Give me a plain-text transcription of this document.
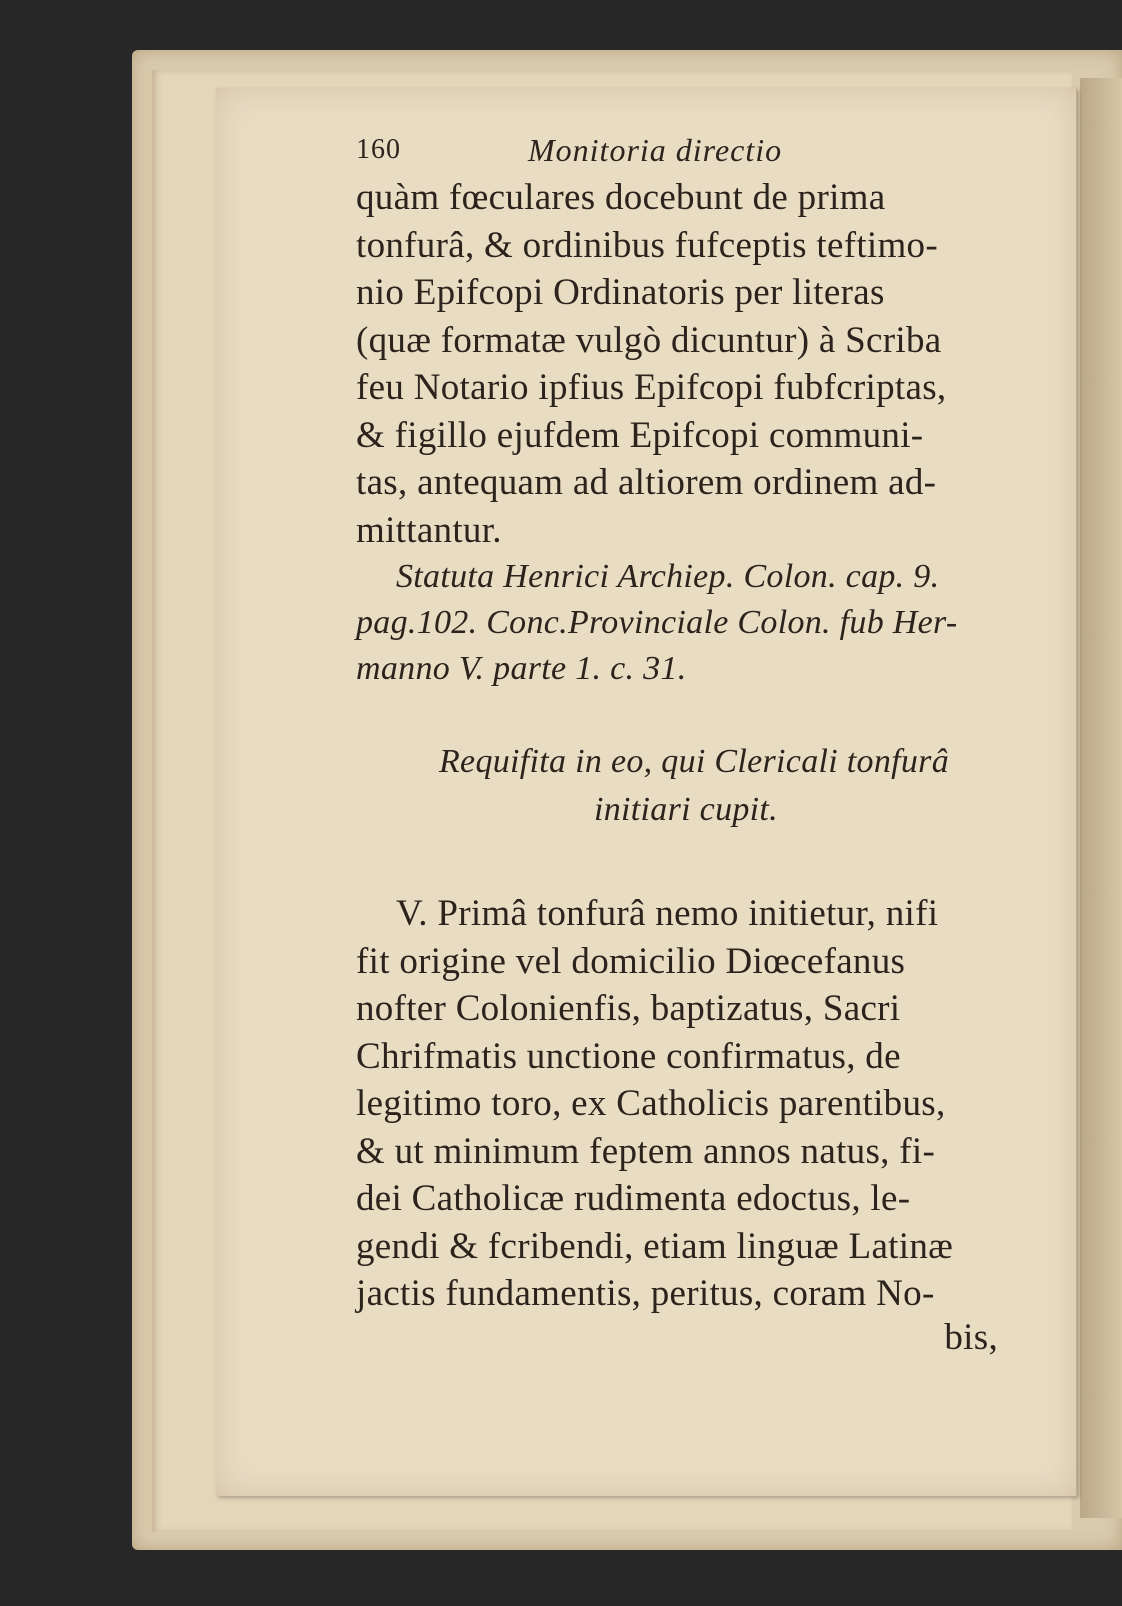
160	Monitoria directio
quàm fœculares docebunt de prima
tonfurâ, & ordinibus fufceptis teftimo-
nio Epifcopi Ordinatoris per literas
(quæ formatæ vulgò dicuntur) à Scriba
feu Notario ipfius Epifcopi fubfcriptas,
& figillo ejufdem Epifcopi communi-
tas, antequam ad altiorem ordinem ad-
mittantur.
Statuta Henrici Archiep. Colon. cap. 9.
pag.102. Conc.Provinciale Colon. fub Her-
manno V. parte 1. c. 31.
Requifita in eo, qui Clericali tonfurâ
initiari cupit.
V. Primâ tonfurâ nemo initietur, nifi
fit origine vel domicilio Diœcefanus
nofter Colonienfis, baptizatus, Sacri
Chrifmatis unctione confirmatus, de
legitimo toro, ex Catholicis parentibus,
& ut minimum feptem annos natus, fi-
dei Catholicæ rudimenta edoctus, le-
gendi & fcribendi, etiam linguæ Latinæ
jactis fundamentis, peritus, coram No-
bis,
